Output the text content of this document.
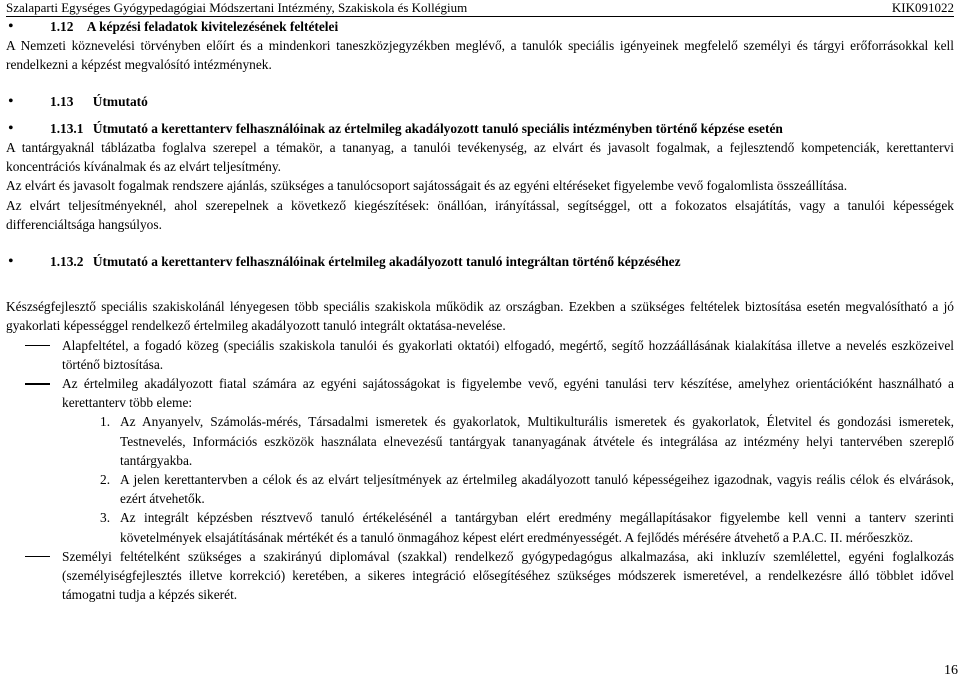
Szalaparti Egységes Gyógypedagógiai Módszertani Intézmény, Szakiskola és Kollégium	KIK091022
• 1.12 A képzési feladatok kivitelezésének feltételei
A Nemzeti köznevelési törvényben előírt és a mindenkori taneszközjegyzékben meglévő, a tanulók speciális igényeinek megfelelő személyi és tárgyi erőforrásokkal kell rendelkezni a képzést megvalósító intézménynek.
• 1.13 Útmutató
• 1.13.1 Útmutató a kerettanterv felhasználóinak az értelmileg akadályozott tanuló speciális intézményben történő képzése esetén
A tantárgyaknál táblázatba foglalva szerepel a témakör, a tananyag, a tanulói tevékenység, az elvárt és javasolt fogalmak, a fejlesztendő kompetenciák, kerettantervi koncentrációs kívánalmak és az elvárt teljesítmény.
Az elvárt és javasolt fogalmak rendszere ajánlás, szükséges a tanulócsoport sajátosságait és az egyéni eltéréseket figyelembe vevő fogalomlista összeállítása.
Az elvárt teljesítményeknél, ahol szerepelnek a következő kiegészítések: önállóan, irányítással, segítséggel, ott a fokozatos elsajátítás, vagy a tanulói képességek differenciáltsága hangsúlyos.
• 1.13.2 Útmutató a kerettanterv felhasználóinak értelmileg akadályozott tanuló integráltan történő képzéséhez
Készségfejlesztő speciális szakiskolánál lényegesen több speciális szakiskola működik az országban. Ezekben a szükséges feltételek biztosítása esetén megvalósítható a jó gyakorlati képességgel rendelkező értelmileg akadályozott tanuló integrált oktatása-nevelése.
Alapfeltétel, a fogadó közeg (speciális szakiskola tanulói és gyakorlati oktatói) elfogadó, megértő, segítő hozzáállásának kialakítása illetve a nevelés eszközeivel történő biztosítása.
Az értelmileg akadályozott fiatal számára az egyéni sajátosságokat is figyelembe vevő, egyéni tanulási terv készítése, amelyhez orientációként használható a kerettanterv több eleme:
1. Az Anyanyelv, Számolás-mérés, Társadalmi ismeretek és gyakorlatok, Multikulturális ismeretek és gyakorlatok, Életvitel és gondozási ismeretek, Testnevelés, Információs eszközök használata elnevezésű tantárgyak tananyagának átvétele és integrálása az intézmény helyi tantervében szereplő tantárgyakba.
2. A jelen kerettantervben a célok és az elvárt teljesítmények az értelmileg akadályozott tanuló képességeihez igazodnak, vagyis reális célok és elvárások, ezért átvehetők.
3. Az integrált képzésben résztvevő tanuló értékelésénél a tantárgyban elért eredmény megállapításakor figyelembe kell venni a tanterv szerinti követelmények elsajátításának mértékét és a tanuló önmagához képest elért eredményességét. A fejlődés mérésére átvehető a P.A.C. II. mérőeszköz.
Személyi feltételként szükséges a szakirányú diplomával (szakkal) rendelkező gyógypedagógus alkalmazása, aki inkluzív szemlélettel, egyéni foglalkozás (személyiségfejlesztés illetve korrekció) keretében, a sikeres integráció elősegítéséhez szükséges módszerek ismeretével, a rendelkezésre álló többlet idővel támogatni tudja a képzés sikerét.
16
